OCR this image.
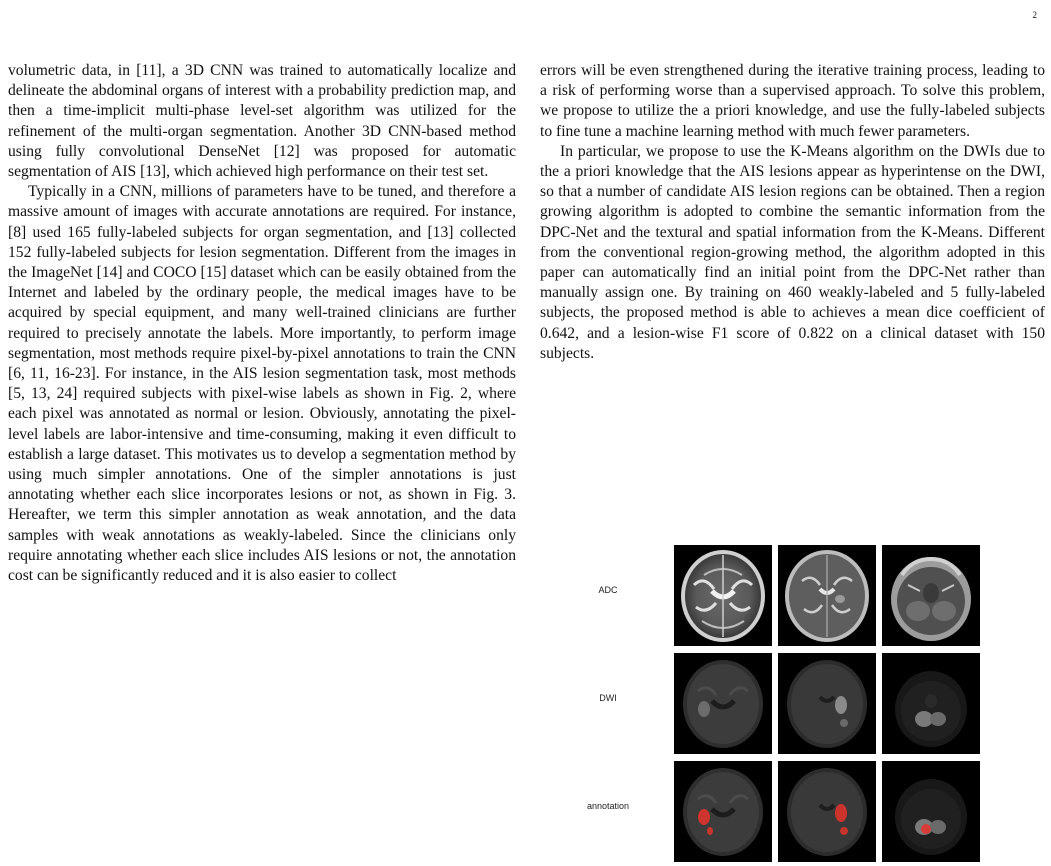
2

volumetric data, in [11], a 3D CNN was trained to automatically localize and delineate the abdominal organs of interest with a probability prediction map, and then a time-implicit multi-phase level-set algorithm was utilized for the refinement of the multi-organ segmentation. Another 3D CNN-based method using fully convolutional DenseNet [12] was proposed for automatic segmentation of AIS [13], which achieved high performance on their test set.

Typically in a CNN, millions of parameters have to be tuned, and therefore a massive amount of images with accurate annotations are required. For instance, [8] used 165 fully-labeled subjects for organ segmentation, and [13] collected 152 fully-labeled subjects for lesion segmentation. Different from the images in the ImageNet [14] and COCO [15] dataset which can be easily obtained from the Internet and labeled by the ordinary people, the medical images have to be acquired by special equipment, and many well-trained clinicians are further required to precisely annotate the labels. More importantly, to perform image segmentation, most methods require pixel-by-pixel annotations to train the CNN [6, 11, 16-23]. For instance, in the AIS lesion segmentation task, most methods [5, 13, 24] required subjects with pixel-wise labels as shown in Fig. 2, where each pixel was annotated as normal or lesion. Obviously, annotating the pixel-level labels are labor-intensive and time-consuming, making it even difficult to establish a large dataset. This motivates us to develop a segmentation method by using much simpler annotations. One of the simpler annotations is just annotating whether each slice incorporates lesions or not, as shown in Fig. 3. Hereafter, we term this simpler annotation as weak annotation, and the data samples with weak annotations as weakly-labeled. Since the clinicians only require annotating whether each slice includes AIS lesions or not, the annotation cost can be significantly reduced and it is also easier to collect

errors will be even strengthened during the iterative training process, leading to a risk of performing worse than a supervised approach. To solve this problem, we propose to utilize the a priori knowledge, and use the fully-labeled subjects to fine tune a machine learning method with much fewer parameters.

In particular, we propose to use the K-Means algorithm on the DWIs due to the a priori knowledge that the AIS lesions appear as hyperintense on the DWI, so that a number of candidate AIS lesion regions can be obtained. Then a region growing algorithm is adopted to combine the semantic information from the DPC-Net and the textural and spatial information from the K-Means. Different from the conventional region-growing method, the algorithm adopted in this paper can automatically find an initial point from the DPC-Net rather than manually assign one. By training on 460 weakly-labeled and 5 fully-labeled subjects, the proposed method is able to achieves a mean dice coefficient of 0.642, and a lesion-wise F1 score of 0.822 on a clinical dataset with 150 subjects.

ADC
DWI
annotation
